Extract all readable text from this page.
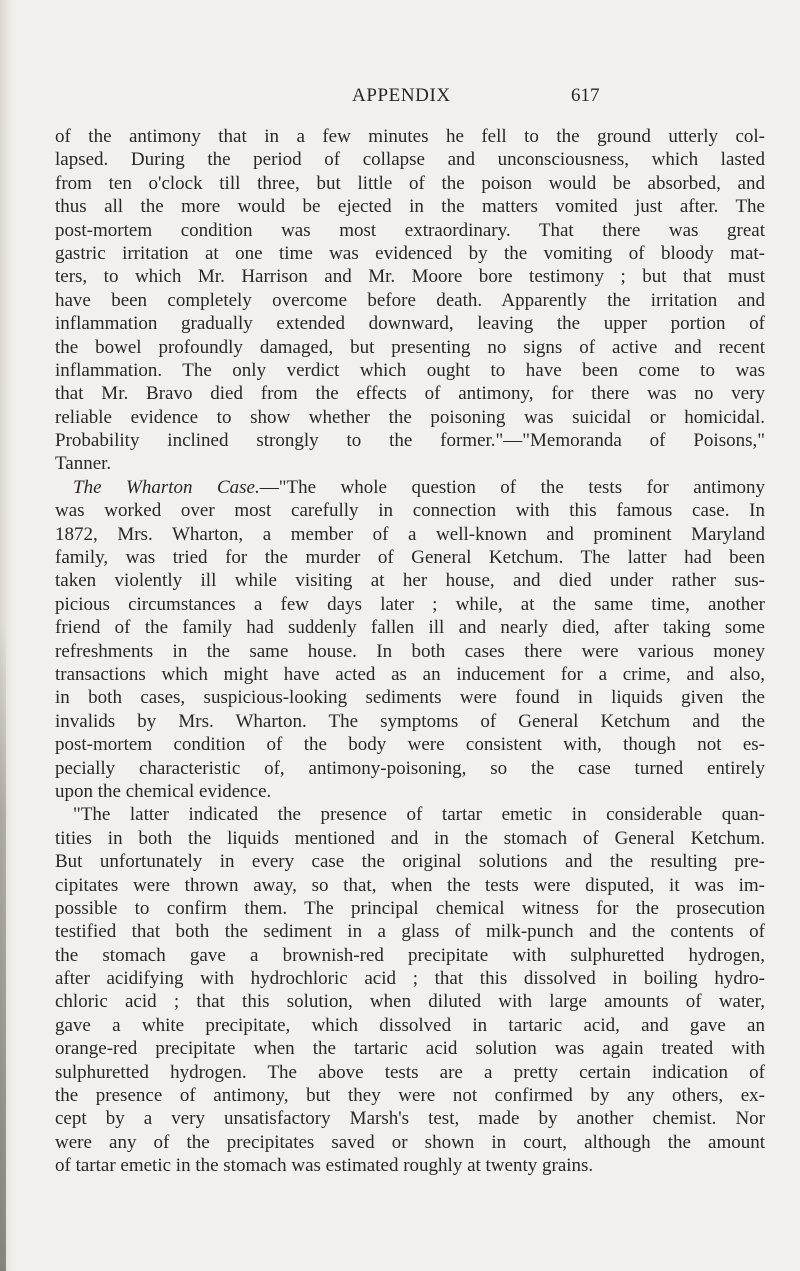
APPENDIX	617
of the antimony that in a few minutes he fell to the ground utterly col-
lapsed. During the period of collapse and unconsciousness, which lasted
from ten o'clock till three, but little of the poison would be absorbed, and
thus all the more would be ejected in the matters vomited just after. The
post-mortem condition was most extraordinary. That there was great
gastric irritation at one time was evidenced by the vomiting of bloody mat-
ters, to which Mr. Harrison and Mr. Moore bore testimony ; but that must
have been completely overcome before death. Apparently the irritation and
inflammation gradually extended downward, leaving the upper portion of
the bowel profoundly damaged, but presenting no signs of active and recent
inflammation. The only verdict which ought to have been come to was
that Mr. Bravo died from the effects of antimony, for there was no very
reliable evidence to show whether the poisoning was suicidal or homicidal.
Probability inclined strongly to the former."—"Memoranda of Poisons,"
Tanner.
The Wharton Case.—"The whole question of the tests for antimony
was worked over most carefully in connection with this famous case. In
1872, Mrs. Wharton, a member of a well-known and prominent Maryland
family, was tried for the murder of General Ketchum. The latter had been
taken violently ill while visiting at her house, and died under rather sus-
picious circumstances a few days later ; while, at the same time, another
friend of the family had suddenly fallen ill and nearly died, after taking some
refreshments in the same house. In both cases there were various money
transactions which might have acted as an inducement for a crime, and also,
in both cases, suspicious-looking sediments were found in liquids given the
invalids by Mrs. Wharton. The symptoms of General Ketchum and the
post-mortem condition of the body were consistent with, though not es-
pecially characteristic of, antimony-poisoning, so the case turned entirely
upon the chemical evidence.
"The latter indicated the presence of tartar emetic in considerable quan-
tities in both the liquids mentioned and in the stomach of General Ketchum.
But unfortunately in every case the original solutions and the resulting pre-
cipitates were thrown away, so that, when the tests were disputed, it was im-
possible to confirm them. The principal chemical witness for the prosecution
testified that both the sediment in a glass of milk-punch and the contents of
the stomach gave a brownish-red precipitate with sulphuretted hydrogen,
after acidifying with hydrochloric acid ; that this dissolved in boiling hydro-
chloric acid ; that this solution, when diluted with large amounts of water,
gave a white precipitate, which dissolved in tartaric acid, and gave an
orange-red precipitate when the tartaric acid solution was again treated with
sulphuretted hydrogen. The above tests are a pretty certain indication of
the presence of antimony, but they were not confirmed by any others, ex-
cept by a very unsatisfactory Marsh's test, made by another chemist. Nor
were any of the precipitates saved or shown in court, although the amount
of tartar emetic in the stomach was estimated roughly at twenty grains.
